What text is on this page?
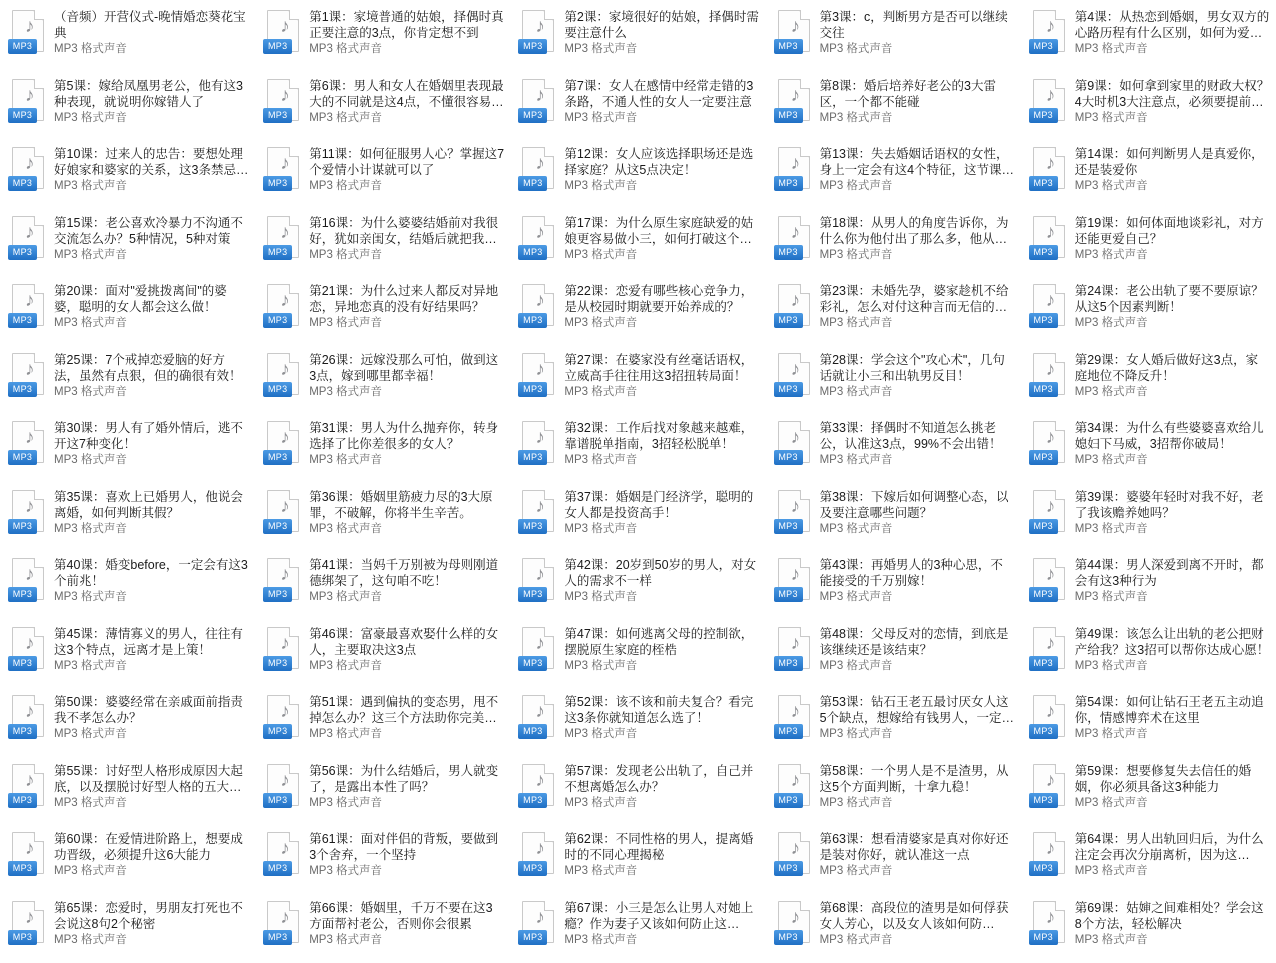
♪
MP3
（音频）开营仪式-晚情婚恋葵花宝典
MP3 格式声音
♪
MP3
第1课：家境普通的姑娘，择偶时真正要注意的3点，你肯定想不到
MP3 格式声音
♪
MP3
第2课：家境很好的姑娘，择偶时需要注意什么
MP3 格式声音
♪
MP3
第3课：c，判断男方是否可以继续交往
MP3 格式声音
♪
MP3
第4课：从热恋到婚姻，男女双方的心路历程有什么区别，如何为爱…
MP3 格式声音
♪
MP3
第5课：嫁给凤凰男老公，他有这3种表现，就说明你嫁错人了
MP3 格式声音
♪
MP3
第6课：男人和女人在婚姻里表现最大的不同就是这4点，不懂很容易…
MP3 格式声音
♪
MP3
第7课：女人在感情中经常走错的3条路，不通人性的女人一定要注意
MP3 格式声音
♪
MP3
第8课：婚后培养好老公的3大雷区，一个都不能碰
MP3 格式声音
♪
MP3
第9课：如何拿到家里的财政大权？4大时机3大注意点，必须要提前…
MP3 格式声音
♪
MP3
第10课：过来人的忠告：要想处理好娘家和婆家的关系，这3条禁忌…
MP3 格式声音
♪
MP3
第11课：如何征服男人心？掌握这7个爱情小计谋就可以了
MP3 格式声音
♪
MP3
第12课：女人应该选择职场还是选择家庭？从这5点决定！
MP3 格式声音
♪
MP3
第13课：失去婚姻话语权的女性，身上一定会有这4个特征，这节课…
MP3 格式声音
♪
MP3
第14课：如何判断男人是真爱你，还是装爱你
MP3 格式声音
♪
MP3
第15课：老公喜欢冷暴力不沟通不交流怎么办？5种情况，5种对策
MP3 格式声音
♪
MP3
第16课：为什么婆婆结婚前对我很好，犹如亲闺女，结婚后就把我…
MP3 格式声音
♪
MP3
第17课：为什么原生家庭缺爱的姑娘更容易做小三，如何打破这个…
MP3 格式声音
♪
MP3
第18课：从男人的角度告诉你，为什么你为他付出了那么多，他从…
MP3 格式声音
♪
MP3
第19课：如何体面地谈彩礼，对方还能更爱自己？
MP3 格式声音
♪
MP3
第20课：面对"爱挑拨离间"的婆婆，聪明的女人都会这么做！
MP3 格式声音
♪
MP3
第21课：为什么过来人都反对异地恋，异地恋真的没有好结果吗？
MP3 格式声音
♪
MP3
第22课：恋爱有哪些核心竞争力，是从校园时期就要开始养成的？
MP3 格式声音
♪
MP3
第23课：未婚先孕，婆家趁机不给彩礼，怎么对付这种言而无信的…
MP3 格式声音
♪
MP3
第24课：老公出轨了要不要原谅？从这5个因素判断！
MP3 格式声音
♪
MP3
第25课：7个戒掉恋爱脑的好方法，虽然有点狠，但的确很有效！
MP3 格式声音
♪
MP3
第26课：远嫁没那么可怕，做到这3点，嫁到哪里都幸福！
MP3 格式声音
♪
MP3
第27课：在婆家没有丝毫话语权，立威高手往往用这3招扭转局面！
MP3 格式声音
♪
MP3
第28课：学会这个"攻心术"，几句话就让小三和出轨男反目！
MP3 格式声音
♪
MP3
第29课：女人婚后做好这3点，家庭地位不降反升！
MP3 格式声音
♪
MP3
第30课：男人有了婚外情后，逃不开这7种变化！
MP3 格式声音
♪
MP3
第31课：男人为什么抛弃你，转身选择了比你差很多的女人？
MP3 格式声音
♪
MP3
第32课：工作后找对象越来越难，靠谱脱单指南，3招轻松脱单！
MP3 格式声音
♪
MP3
第33课：择偶时不知道怎么挑老公，认准这3点，99%不会出错！
MP3 格式声音
♪
MP3
第34课：为什么有些婆婆喜欢给儿媳妇下马威，3招帮你破局！
MP3 格式声音
♪
MP3
第35课：喜欢上已婚男人，他说会离婚，如何判断其假？
MP3 格式声音
♪
MP3
第36课：婚姻里筋疲力尽的3大原罪，不破解，你将半生辛苦。
MP3 格式声音
♪
MP3
第37课：婚姻是门经济学，聪明的女人都是投资高手！
MP3 格式声音
♪
MP3
第38课：下嫁后如何调整心态，以及要注意哪些问题？
MP3 格式声音
♪
MP3
第39课：婆婆年轻时对我不好，老了我该赡养她吗？
MP3 格式声音
♪
MP3
第40课：婚变before，一定会有这3个前兆！
MP3 格式声音
♪
MP3
第41课：当妈千万别被为母则刚道德绑架了，这句咱不吃！
MP3 格式声音
♪
MP3
第42课：20岁到50岁的男人，对女人的需求不一样
MP3 格式声音
♪
MP3
第43课：再婚男人的3种心思，不能接受的千万别嫁！
MP3 格式声音
♪
MP3
第44课：男人深爱到离不开时，都会有这3种行为
MP3 格式声音
♪
MP3
第45课：薄情寡义的男人，往往有这3个特点，远离才是上策！
MP3 格式声音
♪
MP3
第46课：富豪最喜欢娶什么样的女人，主要取决这3点
MP3 格式声音
♪
MP3
第47课：如何逃离父母的控制欲，摆脱原生家庭的桎梏
MP3 格式声音
♪
MP3
第48课：父母反对的恋情，到底是该继续还是该结束？
MP3 格式声音
♪
MP3
第49课：该怎么让出轨的老公把财产给我？这3招可以帮你达成心愿！
MP3 格式声音
♪
MP3
第50课：婆婆经常在亲戚面前指责我不孝怎么办？
MP3 格式声音
♪
MP3
第51课：遇到偏执的变态男，甩不掉怎么办？这三个方法助你完美…
MP3 格式声音
♪
MP3
第52课：该不该和前夫复合？看完这3条你就知道怎么选了！
MP3 格式声音
♪
MP3
第53课：钻石王老五最讨厌女人这5个缺点，想嫁给有钱男人，一定…
MP3 格式声音
♪
MP3
第54课：如何让钻石王老五主动追你，情感博弈术在这里
MP3 格式声音
♪
MP3
第55课：讨好型人格形成原因大起底，以及摆脱讨好型人格的五大…
MP3 格式声音
♪
MP3
第56课：为什么结婚后，男人就变了，是露出本性了吗？
MP3 格式声音
♪
MP3
第57课：发现老公出轨了，自己并不想离婚怎么办？
MP3 格式声音
♪
MP3
第58课：一个男人是不是渣男，从这5个方面判断，十拿九稳！
MP3 格式声音
♪
MP3
第59课：想要修复失去信任的婚姻，你必须具备这3种能力
MP3 格式声音
♪
MP3
第60课：在爱情进阶路上，想要成功晋级，必须提升这6大能力
MP3 格式声音
♪
MP3
第61课：面对伴侣的背叛，要做到3个舍弃，一个坚持
MP3 格式声音
♪
MP3
第62课：不同性格的男人，提离婚时的不同心理揭秘
MP3 格式声音
♪
MP3
第63课：想看清婆家是真对你好还是装对你好，就认准这一点
MP3 格式声音
♪
MP3
第64课：男人出轨回归后，为什么注定会再次分崩离析，因为这…
MP3 格式声音
♪
MP3
第65课：恋爱时，男朋友打死也不会说这8句2个秘密
MP3 格式声音
♪
MP3
第66课：婚姻里，千万不要在这3方面帮衬老公，否则你会很累
MP3 格式声音
♪
MP3
第67课：小三是怎么让男人对她上瘾？作为妻子又该如何防止这…
MP3 格式声音
♪
MP3
第68课：高段位的渣男是如何俘获女人芳心，以及女人该如何防…
MP3 格式声音
♪
MP3
第69课：姑婶之间难相处？学会这8个方法，轻松解决
MP3 格式声音
